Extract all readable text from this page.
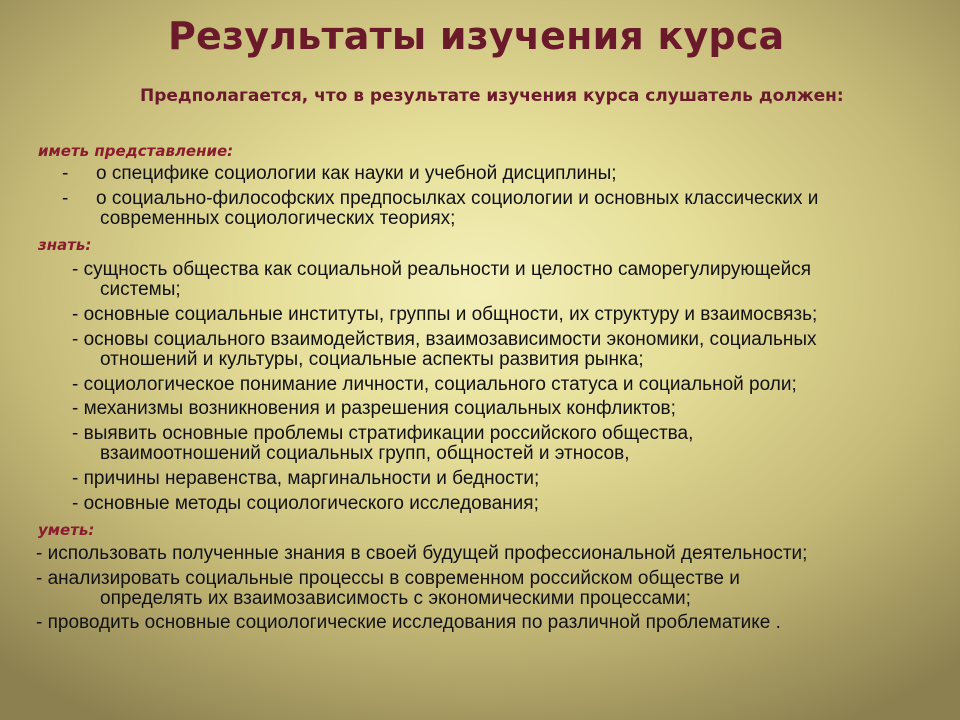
Результаты изучения курса

Предполагается, что в результате изучения курса слушатель должен:

иметь представление:

- о специфике социологии как науки и учебной дисциплины;

- о социально-философских предпосылках социологии и основных классических и
современных социологических теориях;

знать:

- сущность общества как социальной реальности и целостно саморегулирующейся
системы;

- основные социальные институты, группы и общности, их структуру и взаимосвязь;

- основы социального взаимодействия, взаимозависимости экономики, социальных
отношений и культуры, социальные аспекты развития рынка;

- социологическое понимание личности, социального статуса и социальной роли;

- механизмы возникновения и разрешения социальных конфликтов;

- выявить основные проблемы стратификации российского общества,
взаимоотношений социальных групп, общностей и этносов,

- причины неравенства, маргинальности и бедности;

- основные методы социологического исследования;

уметь:

- использовать полученные знания в своей будущей профессиональной деятельности;

- анализировать социальные процессы в современном российском обществе и
определять их взаимозависимость с экономическими процессами;

- проводить основные социологические исследования по различной проблематике .
